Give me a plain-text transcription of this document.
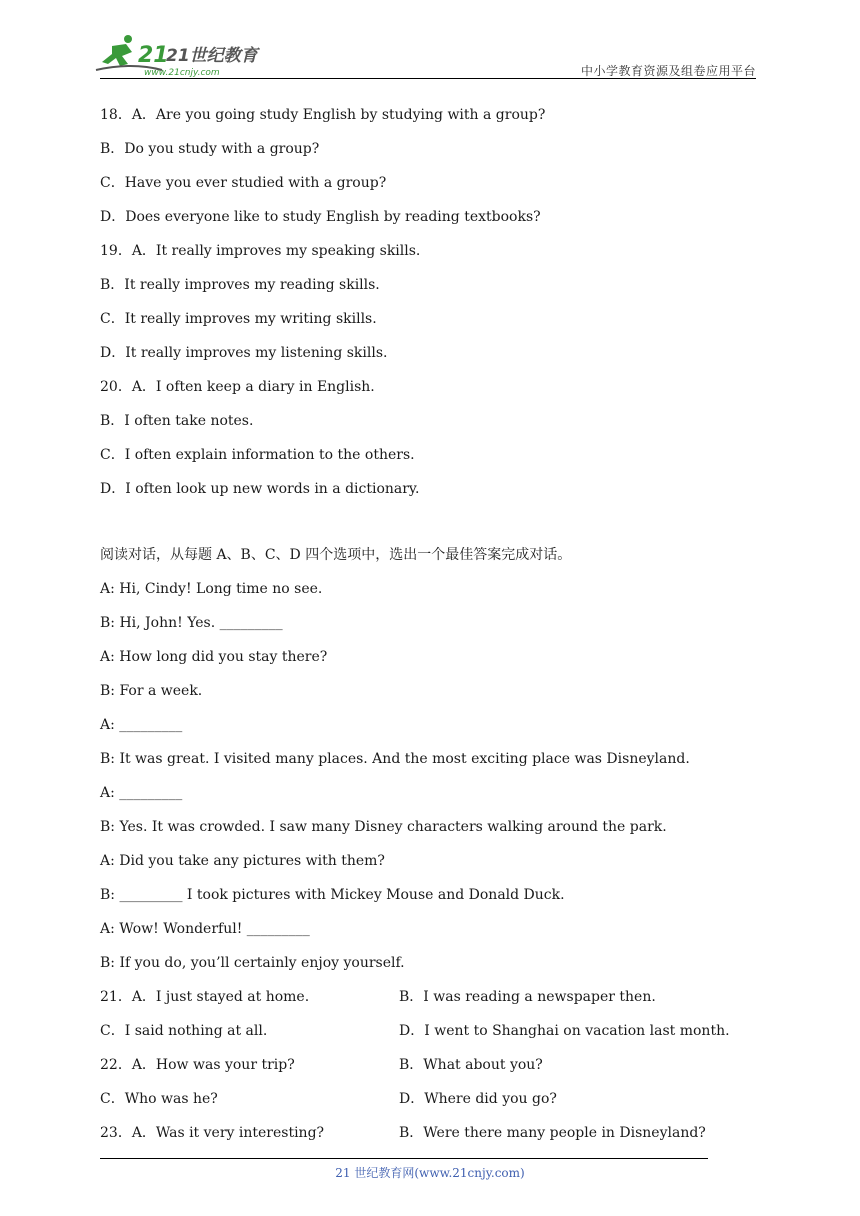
21
21世纪教育
www.21cnjy.com	中小学教育资源及组卷应用平台
18．A．Are you going study English by studying with a group?
B．Do you study with a group?
C．Have you ever studied with a group?
D．Does everyone like to study English by reading textbooks?
19．A．It really improves my speaking skills.
B．It really improves my reading skills.
C．It really improves my writing skills.
D．It really improves my listening skills.
20．A．I often keep a diary in English.
B．I often take notes.
C．I often explain information to the others.
D．I often look up new words in a dictionary.
阅读对话，从每题 A、B、C、D 四个选项中，选出一个最佳答案完成对话。
A: Hi, Cindy! Long time no see.
B: Hi, John! Yes. _________
A: How long did you stay there?
B: For a week.
A: _________
B: It was great. I visited many places. And the most exciting place was Disneyland.
A: _________
B: Yes. It was crowded. I saw many Disney characters walking around the park.
A: Did you take any pictures with them?
B: _________ I took pictures with Mickey Mouse and Donald Duck.
A: Wow! Wonderful! _________
B: If you do, you’ll certainly enjoy yourself.
21．A．I just stayed at home.	B．I was reading a newspaper then.
C．I said nothing at all.	D．I went to Shanghai on vacation last month.
22．A．How was your trip?	B．What about you?
C．Who was he?	D．Where did you go?
23．A．Was it very interesting?	B．Were there many people in Disneyland?
21 世纪教育网(www.21cnjy.com)
